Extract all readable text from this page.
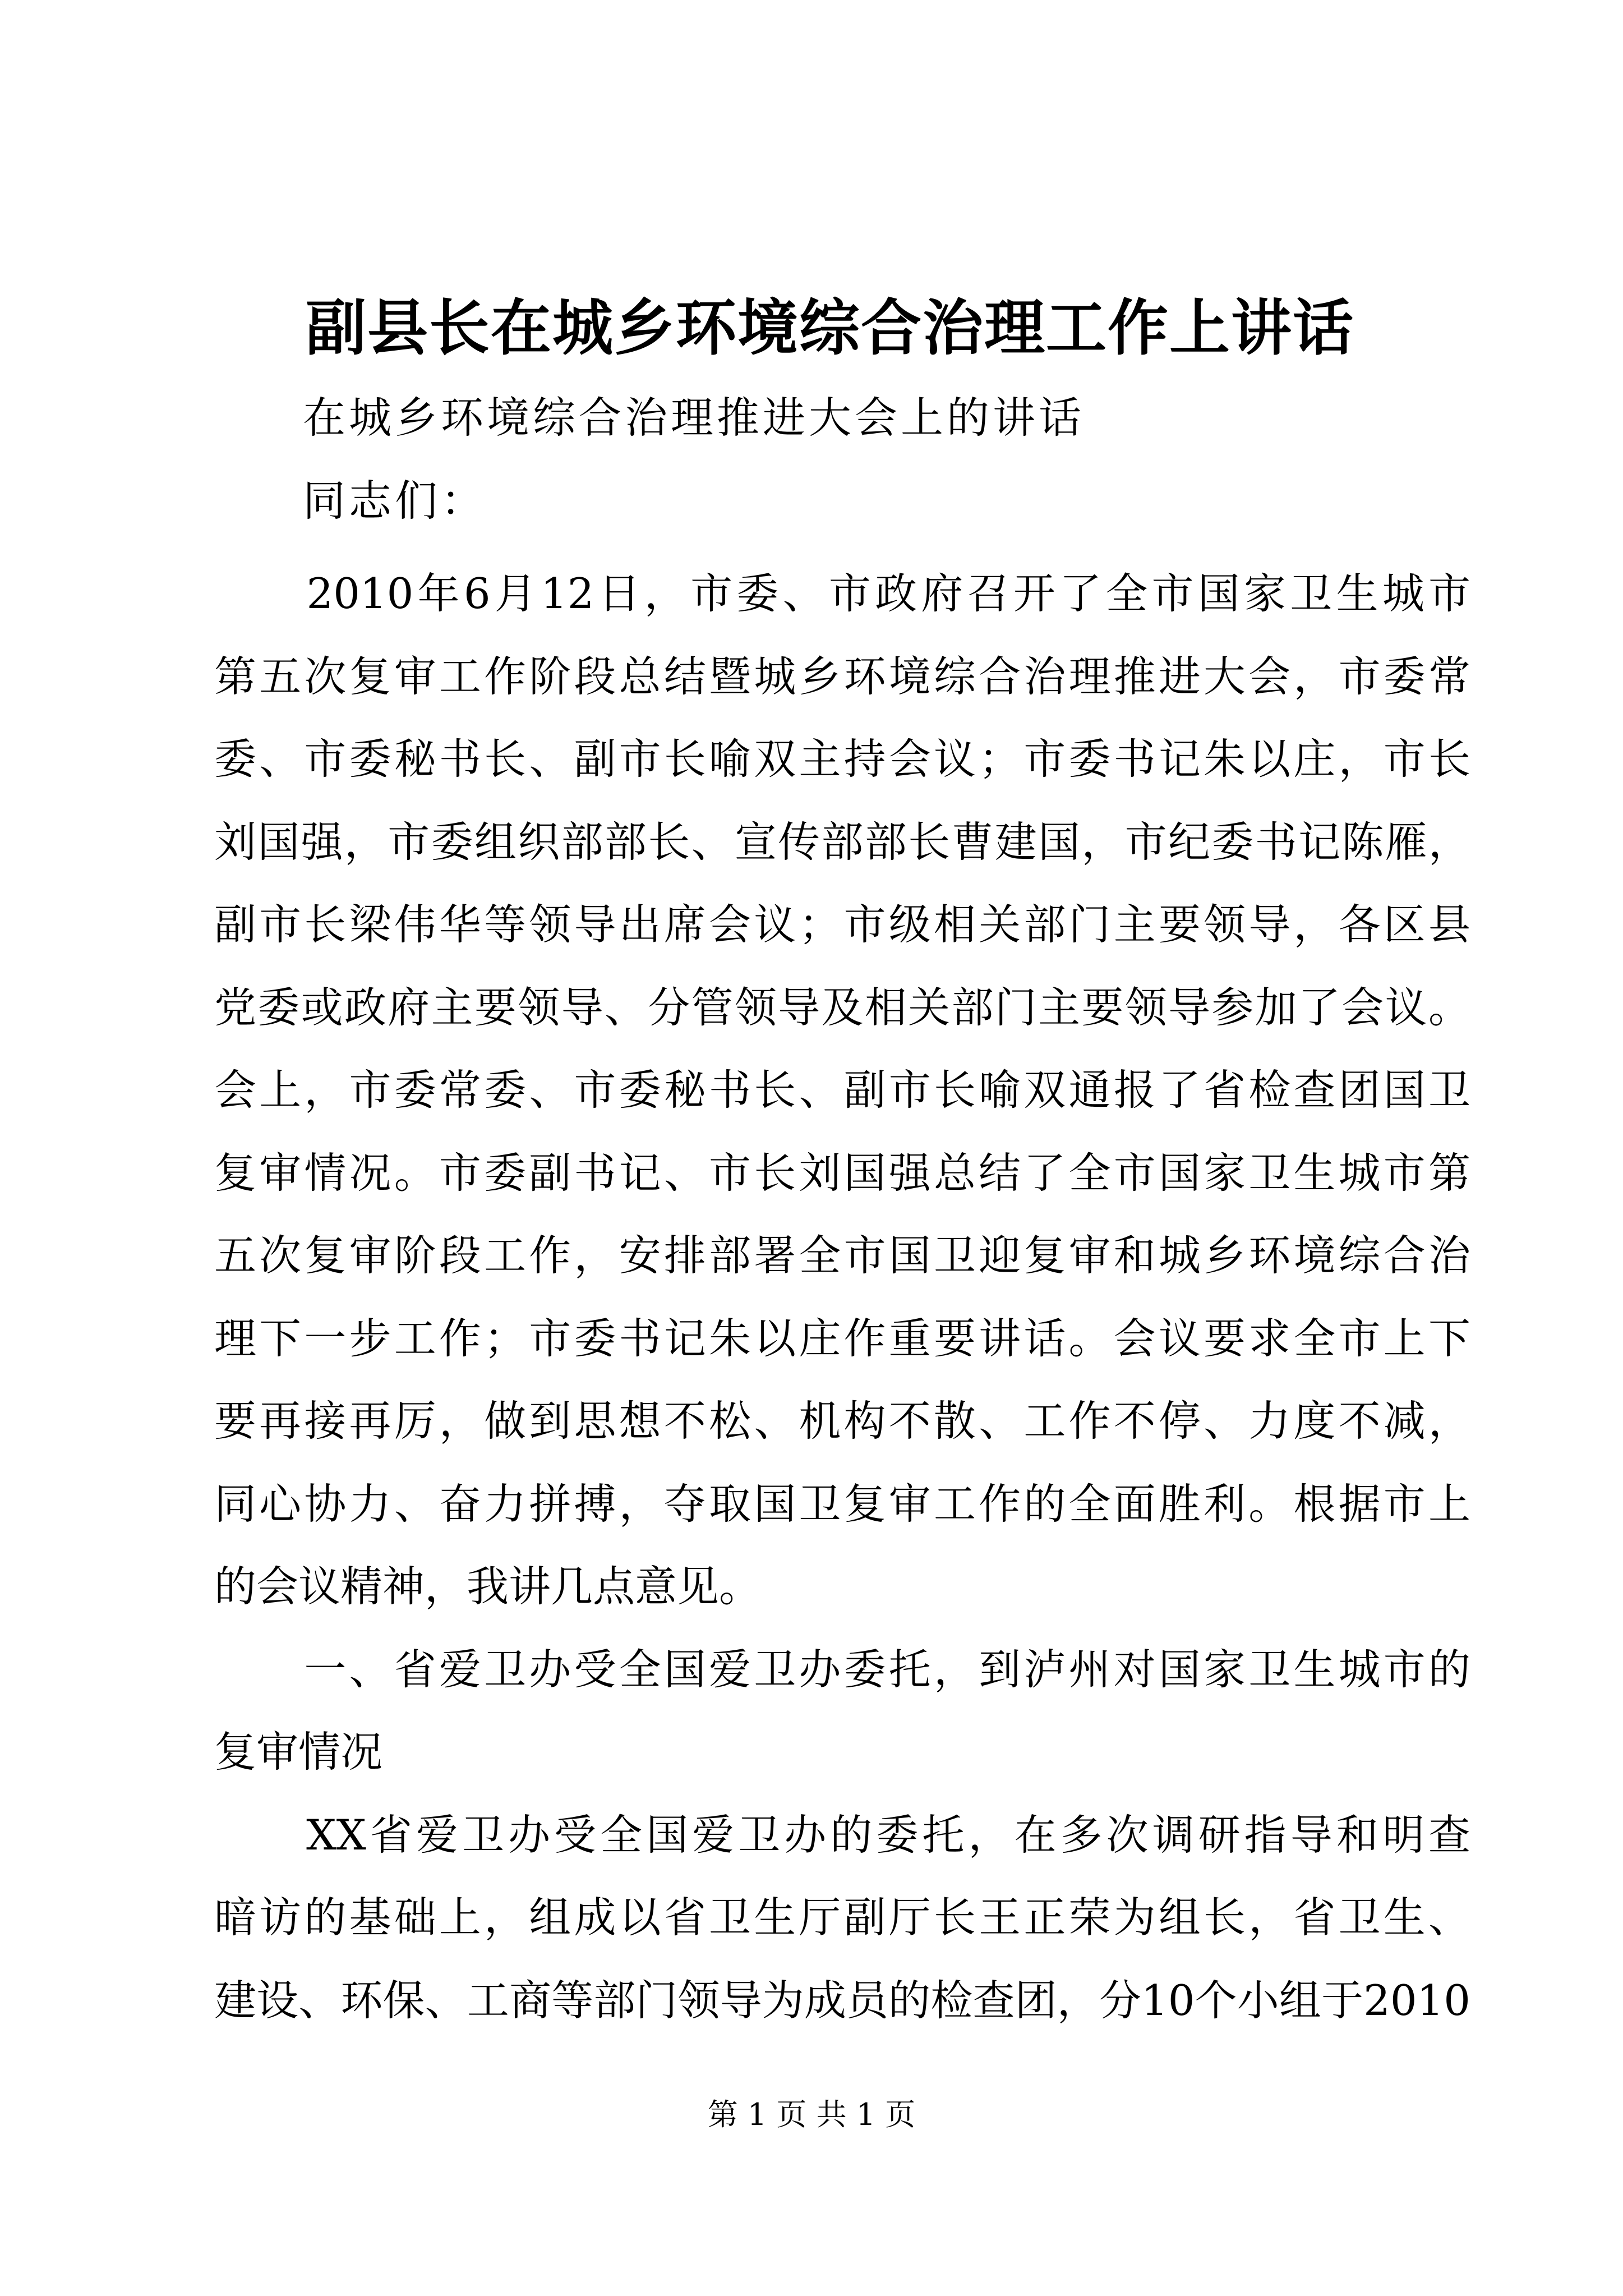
副县长在城乡环境综合治理工作上讲话
在城乡环境综合治理推进大会上的讲话
同志们：
　　2010年6月12日，市委、市政府召开了全市国家卫生城市
第五次复审工作阶段总结暨城乡环境综合治理推进大会，市委常
委、市委秘书长、副市长喻双主持会议；市委书记朱以庄，市长
刘国强，市委组织部部长、宣传部部长曹建国，市纪委书记陈雁，
副市长梁伟华等领导出席会议；市级相关部门主要领导，各区县
党委或政府主要领导、分管领导及相关部门主要领导参加了会议。
会上，市委常委、市委秘书长、副市长喻双通报了省检查团国卫
复审情况。市委副书记、市长刘国强总结了全市国家卫生城市第
五次复审阶段工作，安排部署全市国卫迎复审和城乡环境综合治
理下一步工作；市委书记朱以庄作重要讲话。会议要求全市上下
要再接再厉，做到思想不松、机构不散、工作不停、力度不减，
同心协力、奋力拼搏，夺取国卫复审工作的全面胜利。根据市上
的会议精神，我讲几点意见。
　　一、省爱卫办受全国爱卫办委托，到泸州对国家卫生城市的
复审情况
　　XX省爱卫办受全国爱卫办的委托，在多次调研指导和明查
暗访的基础上，组成以省卫生厅副厅长王正荣为组长，省卫生、
建设、环保、工商等部门领导为成员的检查团，分10个小组于2010
第 1 页 共 1 页
